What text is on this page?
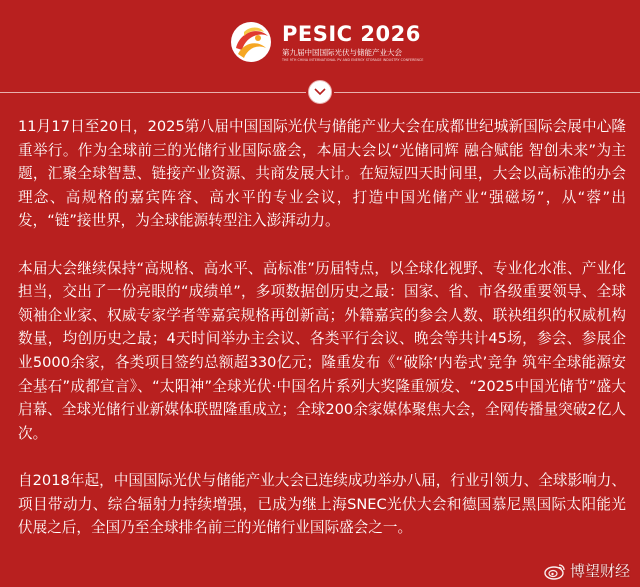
PESIC 2026
第九届中国国际光伏与储能产业大会
THE 9TH CHINA INTERNATIONAL PV AND ENERGY STORAGE INDUSTRY CONFERENCE

11月17日至20日，2025第八届中国国际光伏与储能产业大会在成都世纪城新国际会展中心隆重举行。作为全球前三的光储行业国际盛会，本届大会以“光储同辉 融合赋能 智创未来”为主题，汇聚全球智慧、链接产业资源、共商发展大计。在短短四天时间里，大会以高标准的办会理念、高规格的嘉宾阵容、高水平的专业会议，打造中国光储产业“强磁场”，从“蓉”出发，“链”接世界，为全球能源转型注入澎湃动力。

本届大会继续保持“高规格、高水平、高标准”历届特点，以全球化视野、专业化水准、产业化担当，交出了一份亮眼的“成绩单”，多项数据创历史之最：国家、省、市各级重要领导、全球领袖企业家、权威专家学者等嘉宾规格再创新高；外籍嘉宾的参会人数、联袂组织的权威机构数量，均创历史之最；4天时间举办主会议、各类平行会议、晚会等共计45场，参会、参展企业5000余家，各类项目签约总额超330亿元；隆重发布《“破除‘内卷式’竞争 筑牢全球能源安全基石”成都宣言》、“太阳神”全球光伏·中国名片系列大奖隆重颁发、“2025中国光储节”盛大启幕、全球光储行业新媒体联盟隆重成立；全球200余家媒体聚焦大会，全网传播量突破2亿人次。

自2018年起，中国国际光伏与储能产业大会已连续成功举办八届，行业引领力、全球影响力、项目带动力、综合辐射力持续增强，已成为继上海SNEC光伏大会和德国慕尼黑国际太阳能光伏展之后，全国乃至全球排名前三的光储行业国际盛会之一。

博望财经
